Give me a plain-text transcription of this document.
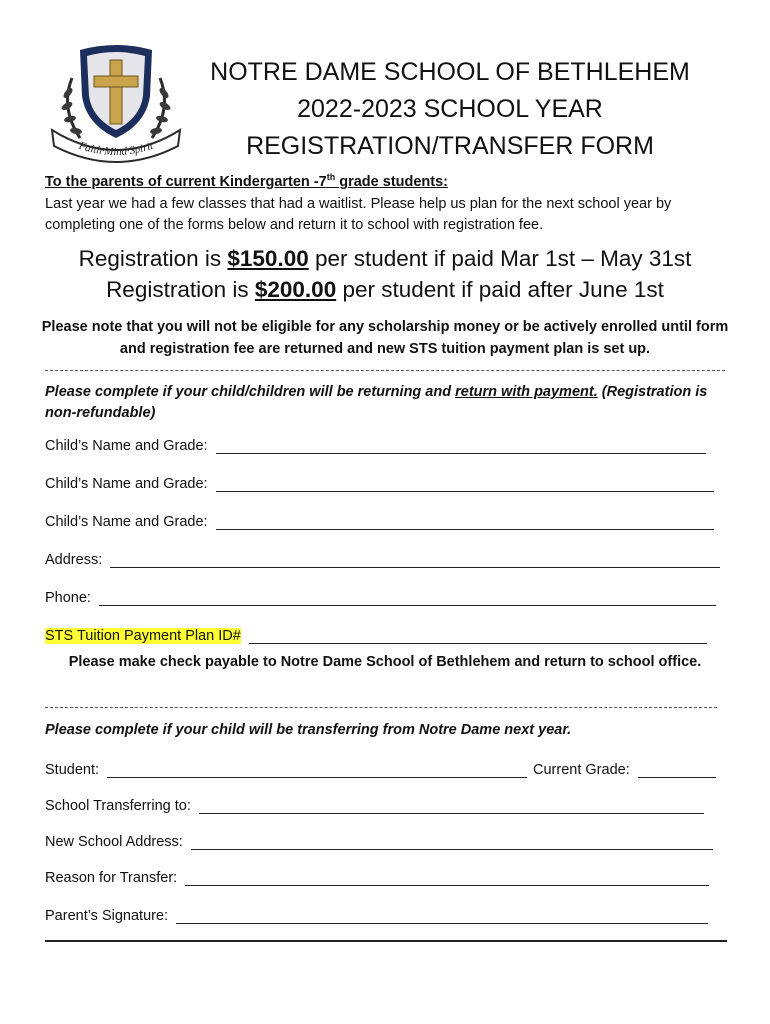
Faith·Mind·Spirit
NOTRE DAME SCHOOL OF BETHLEHEM
2022-2023 SCHOOL YEAR
REGISTRATION/TRANSFER FORM
To the parents of current Kindergarten -7th grade students:
Last year we had a few classes that had a waitlist. Please help us plan for the next school year by completing one of the forms below and return it to school with registration fee.
Registration is $150.00 per student if paid Mar 1st – May 31st
Registration is $200.00 per student if paid after June 1st
Please note that you will not be eligible for any scholarship money or be actively enrolled until form and registration fee are returned and new STS tuition payment plan is set up.
Please complete if your child/children will be returning and return with payment. (Registration is non-refundable)
Child’s Name and Grade:
Child’s Name and Grade:
Child’s Name and Grade:
Address:
Phone:
STS Tuition Payment Plan ID#
Please make check payable to Notre Dame School of Bethlehem and return to school office.
Please complete if your child will be transferring from Notre Dame next year.
Student:	Current Grade:
School Transferring to:
New School Address:
Reason for Transfer:
Parent’s Signature:
